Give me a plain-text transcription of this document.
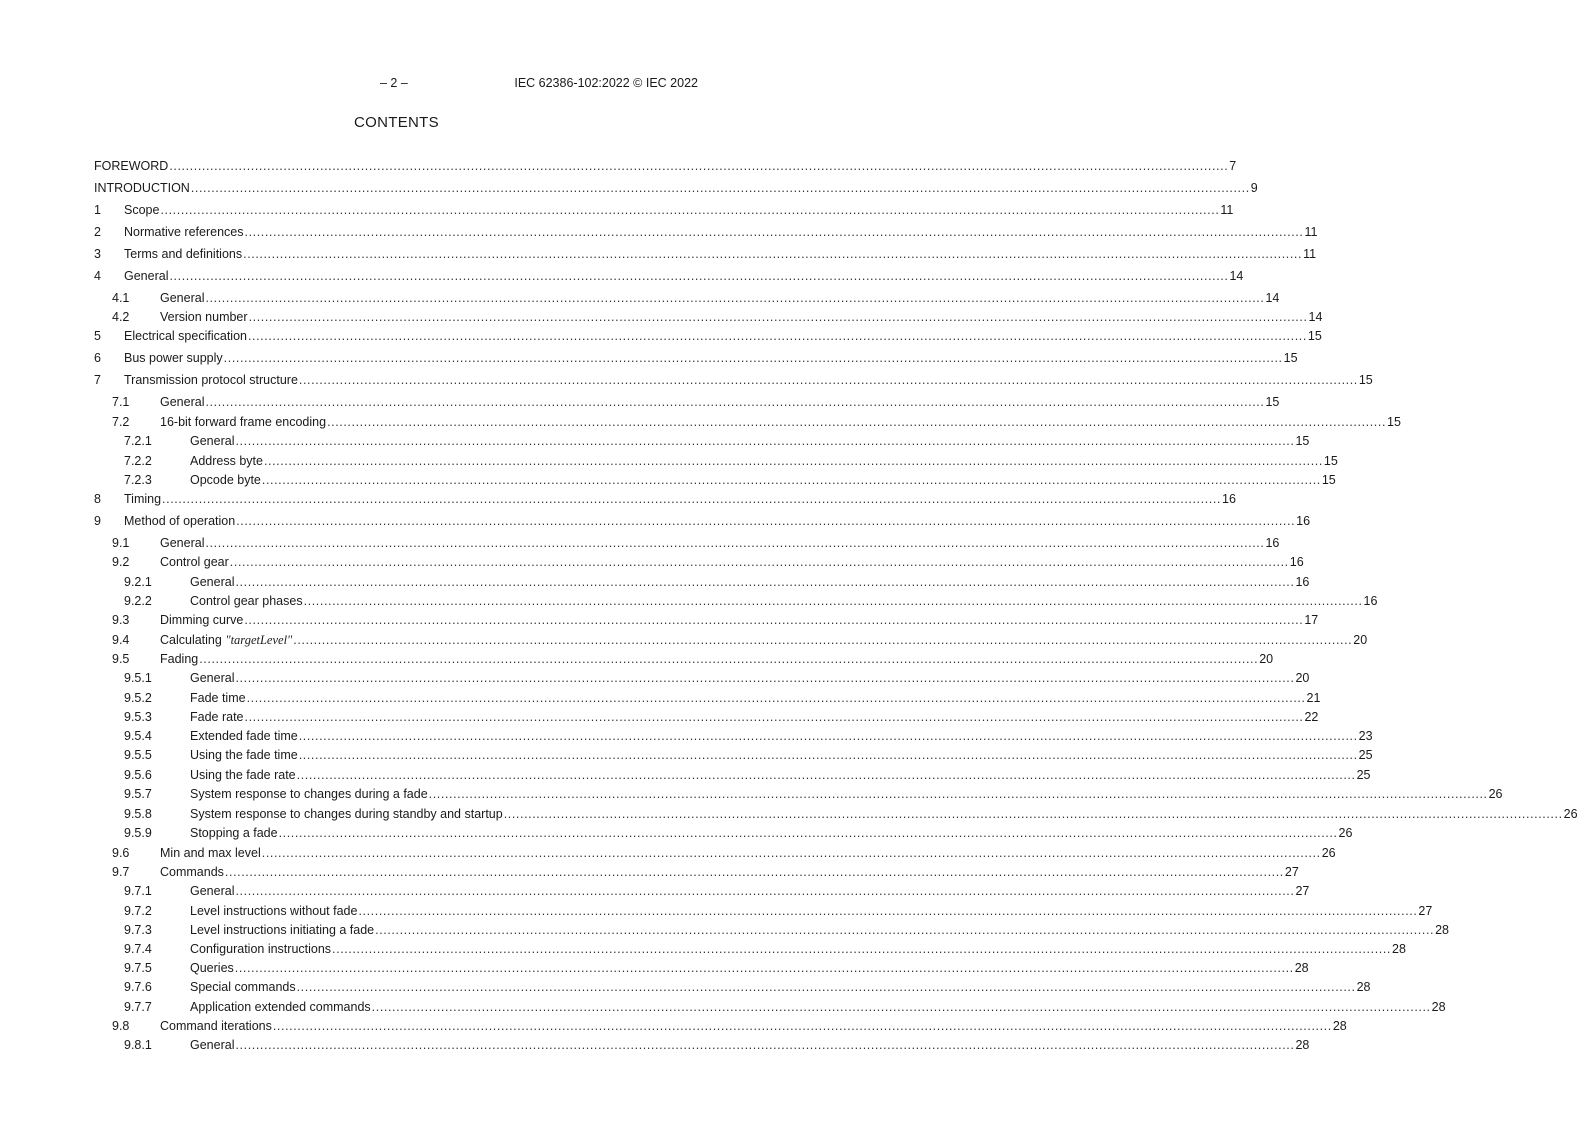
– 2 –	IEC 62386-102:2022 © IEC 2022
CONTENTS
FOREWORD .................................................................................................................................................................................................................................................................... 7
INTRODUCTION .................................................................................................................................................................................................................................................................... 9
1	Scope .................................................................................................................................................................................................................................................................... 11
2	Normative references .................................................................................................................................................................................................................................................................... 11
3	Terms and definitions .................................................................................................................................................................................................................................................................... 11
4	General .................................................................................................................................................................................................................................................................... 14
4.1	General .................................................................................................................................................................................................................................................................... 14
4.2	Version number .................................................................................................................................................................................................................................................................... 14
5	Electrical specification .................................................................................................................................................................................................................................................................... 15
6	Bus power supply .................................................................................................................................................................................................................................................................... 15
7	Transmission protocol structure .................................................................................................................................................................................................................................................................... 15
7.1	General .................................................................................................................................................................................................................................................................... 15
7.2	16-bit forward frame encoding .................................................................................................................................................................................................................................................................... 15
7.2.1	General .................................................................................................................................................................................................................................................................... 15
7.2.2	Address byte .................................................................................................................................................................................................................................................................... 15
7.2.3	Opcode byte .................................................................................................................................................................................................................................................................... 15
8	Timing .................................................................................................................................................................................................................................................................... 16
9	Method of operation .................................................................................................................................................................................................................................................................... 16
9.1	General .................................................................................................................................................................................................................................................................... 16
9.2	Control gear .................................................................................................................................................................................................................................................................... 16
9.2.1	General .................................................................................................................................................................................................................................................................... 16
9.2.2	Control gear phases .................................................................................................................................................................................................................................................................... 16
9.3	Dimming curve .................................................................................................................................................................................................................................................................... 17
9.4	Calculating "targetLevel" .................................................................................................................................................................................................................................................................... 20
9.5	Fading .................................................................................................................................................................................................................................................................... 20
9.5.1	General .................................................................................................................................................................................................................................................................... 20
9.5.2	Fade time .................................................................................................................................................................................................................................................................... 21
9.5.3	Fade rate .................................................................................................................................................................................................................................................................... 22
9.5.4	Extended fade time .................................................................................................................................................................................................................................................................... 23
9.5.5	Using the fade time .................................................................................................................................................................................................................................................................... 25
9.5.6	Using the fade rate .................................................................................................................................................................................................................................................................... 25
9.5.7	System response to changes during a fade .................................................................................................................................................................................................................................................................... 26
9.5.8	System response to changes during standby and startup .................................................................................................................................................................................................................................................................... 26
9.5.9	Stopping a fade .................................................................................................................................................................................................................................................................... 26
9.6	Min and max level .................................................................................................................................................................................................................................................................... 26
9.7	Commands .................................................................................................................................................................................................................................................................... 27
9.7.1	General .................................................................................................................................................................................................................................................................... 27
9.7.2	Level instructions without fade .................................................................................................................................................................................................................................................................... 27
9.7.3	Level instructions initiating a fade .................................................................................................................................................................................................................................................................... 28
9.7.4	Configuration instructions .................................................................................................................................................................................................................................................................... 28
9.7.5	Queries .................................................................................................................................................................................................................................................................... 28
9.7.6	Special commands .................................................................................................................................................................................................................................................................... 28
9.7.7	Application extended commands .................................................................................................................................................................................................................................................................... 28
9.8	Command iterations .................................................................................................................................................................................................................................................................... 28
9.8.1	General .................................................................................................................................................................................................................................................................... 28
